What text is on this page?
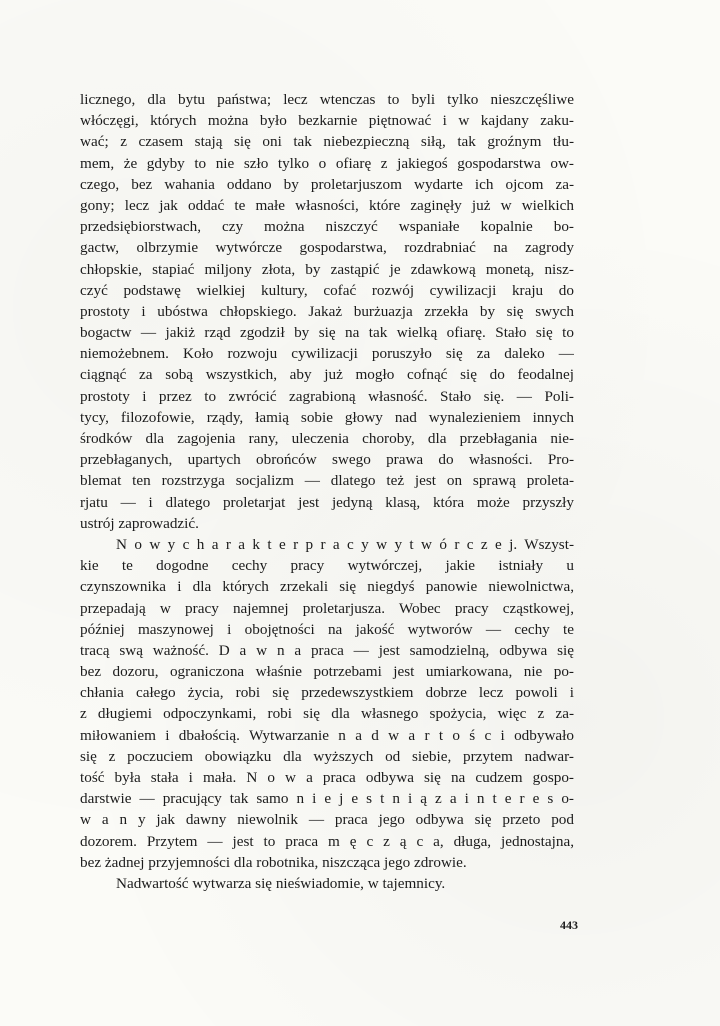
licznego, dla bytu państwa; lecz wtenczas to byli tylko nieszczęśliwe
włóczęgi, których można było bezkarnie piętnować i w kajdany zaku-
wać; z czasem stają się oni tak niebezpieczną siłą, tak groźnym tłu-
mem, że gdyby to nie szło tylko o ofiarę z jakiegoś gospodarstwa ow-
czego, bez wahania oddano by proletarjuszom wydarte ich ojcom za-
gony; lecz jak oddać te małe własności, które zaginęły już w wielkich
przedsiębiorstwach, czy można niszczyć wspaniałe kopalnie bo-
gactw, olbrzymie wytwórcze gospodarstwa, rozdrabniać na zagrody
chłopskie, stapiać miljony złota, by zastąpić je zdawkową monetą, nisz-
czyć podstawę wielkiej kultury, cofać rozwój cywilizacji kraju do
prostoty i ubóstwa chłopskiego. Jakaż burżuazja zrzekła by się swych
bogactw — jakiż rząd zgodził by się na tak wielką ofiarę. Stało się to
niemożebnem. Koło rozwoju cywilizacji poruszyło się za daleko —
ciągnąć za sobą wszystkich, aby już mogło cofnąć się do feodalnej
prostoty i przez to zwrócić zagrabioną własność. Stało się. — Poli-
tycy, filozofowie, rządy, łamią sobie głowy nad wynalezieniem innych
środków dla zagojenia rany, uleczenia choroby, dla przebłagania nie-
przebłaganych, upartych obrońców swego prawa do własności. Pro-
blemat ten rozstrzyga socjalizm — dlatego też jest on sprawą proleta-
rjatu — i dlatego proletarjat jest jedyną klasą, która może przyszły
ustrój zaprowadzić.
N o w y c h a r a k t e r p r a c y w y t w ó r c z e j. Wszyst-
kie te dogodne cechy pracy wytwórczej, jakie istniały u
czynszownika i dla których zrzekali się niegdyś panowie niewolnictwa,
przepadają w pracy najemnej proletarjusza. Wobec pracy cząstkowej,
później maszynowej i obojętności na jakość wytworów — cechy te
tracą swą ważność. D a w n a praca — jest samodzielną, odbywa się
bez dozoru, ograniczona właśnie potrzebami jest umiarkowana, nie po-
chłania całego życia, robi się przedewszystkiem dobrze lecz powoli i
z długiemi odpoczynkami, robi się dla własnego spożycia, więc z za-
miłowaniem i dbałością. Wytwarzanie n a d w a r t o ś c i odbywało
się z poczuciem obowiązku dla wyższych od siebie, przytem nadwar-
tość była stała i mała. N o w a praca odbywa się na cudzem gospo-
darstwie — pracujący tak samo n i e j e s t n i ą z a i n t e r e s o-
w a n y jak dawny niewolnik — praca jego odbywa się przeto pod
dozorem. Przytem — jest to praca m ę c z ą c a, długa, jednostajna,
bez żadnej przyjemności dla robotnika, niszcząca jego zdrowie.
Nadwartość wytwarza się nieświadomie, w tajemnicy.
443
